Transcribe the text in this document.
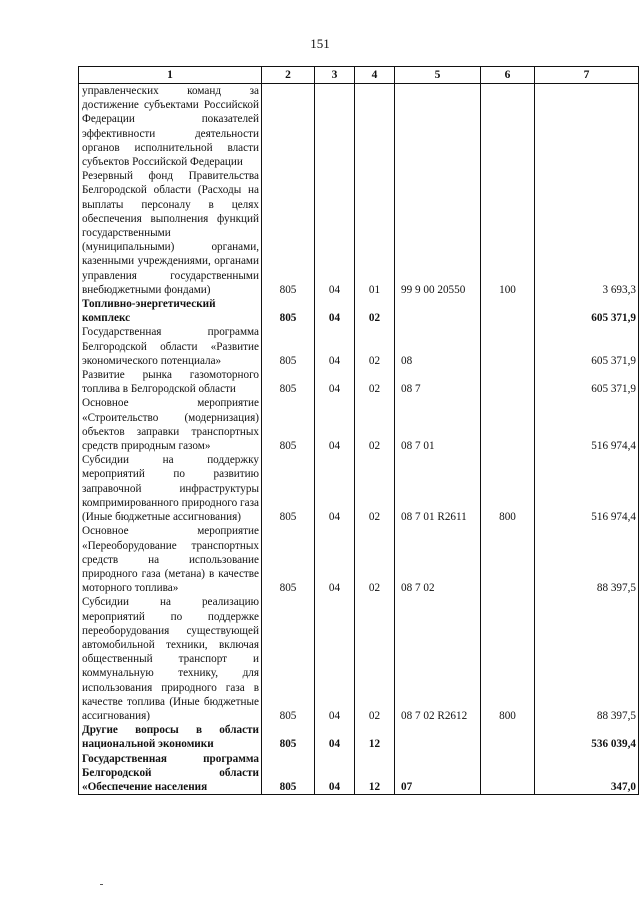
151
1	2	3	4	5	6	7
управленческих команд за достижение субъектами Российской Федерации показателей эффективности деятельности органов исполнительной власти субъектов Российской Федерации						
Резервный фонд Правительства Белгородской области (Расходы на выплаты персоналу в целях обеспечения выполнения функций государственными (муниципальными) органами, казенными учреждениями, органами управления государственными внебюджетными фондами)	805	04	01	99 9 00 20550	100	3 693,3
Топливно-энергетический комплекс	805	04	02			605 371,9
Государственная программа Белгородской области «Развитие экономического потенциала»	805	04	02	08		605 371,9
Развитие рынка газомоторного топлива в Белгородской области	805	04	02	08 7		605 371,9
Основное мероприятие «Строительство (модернизация) объектов заправки транспортных средств природным газом»	805	04	02	08 7 01		516 974,4
Субсидии на поддержку мероприятий по развитию заправочной инфраструктуры компримированного природного газа (Иные бюджетные ассигнования)	805	04	02	08 7 01 R2611	800	516 974,4
Основное мероприятие «Переоборудование транспортных средств на использование природного газа (метана) в качестве моторного топлива»	805	04	02	08 7 02		88 397,5
Субсидии на реализацию мероприятий по поддержке переоборудования существующей автомобильной техники, включая общественный транспорт и коммунальную технику, для использования природного газа в качестве топлива (Иные бюджетные ассигнования)	805	04	02	08 7 02 R2612	800	88 397,5
Другие вопросы в области национальной экономики	805	04	12			536 039,4
Государственная программа Белгородской области «Обеспечение населения	805	04	12	07		347,0
